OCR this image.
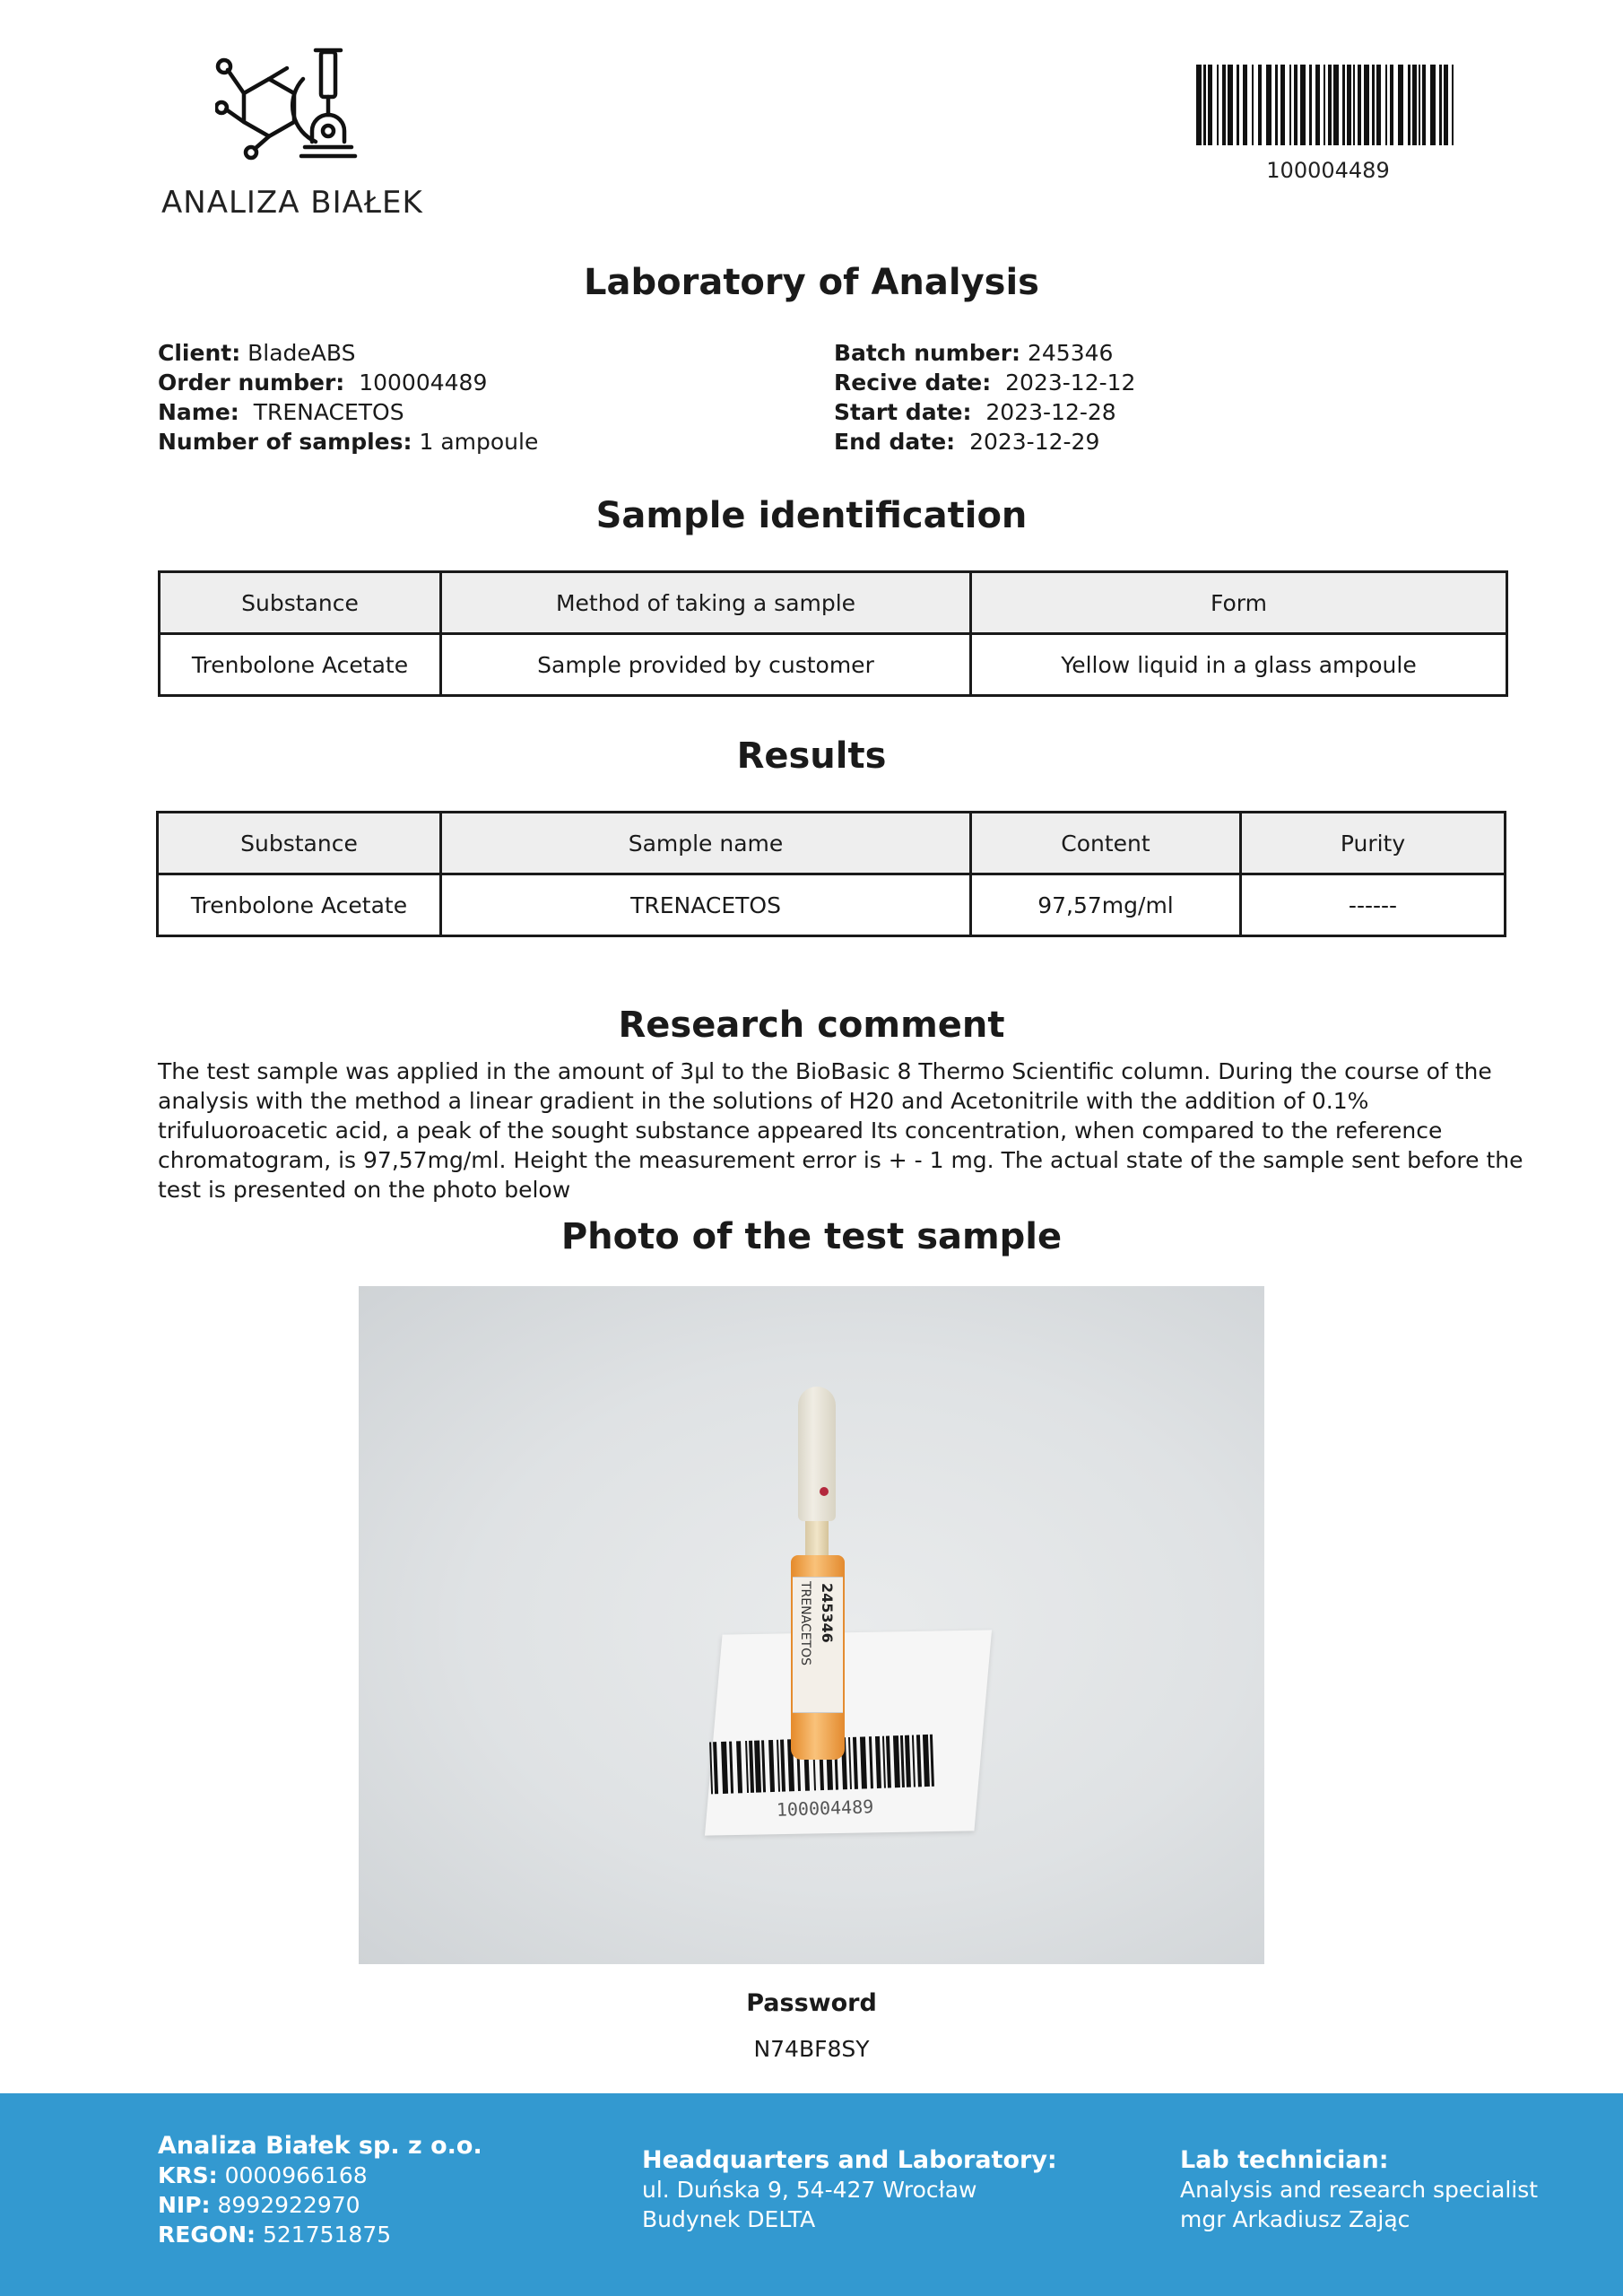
ANALIZA BIAŁEK
100004489
Laboratory of Analysis
Client: BladeABS
Order number: 100004489
Name: TRENACETOS
Number of samples: 1 ampoule
Batch number: 245346
Recive date: 2023-12-12
Start date: 2023-12-28
End date: 2023-12-29
Sample identification
Substance	Method of taking a sample	Form
Trenbolone Acetate	Sample provided by customer	Yellow liquid in a glass ampoule
Results
Substance	Sample name	Content	Purity
Trenbolone Acetate	TRENACETOS	97,57mg/ml	------
Research comment
The test sample was applied in the amount of 3µl to the BioBasic 8 Thermo Scientific column. During the course of the analysis with the method a linear gradient in the solutions of H20 and Acetonitrile with the addition of 0.1% trifuluoroacetic acid, a peak of the sought substance appeared Its concentration, when compared to the reference chromatogram, is 97,57mg/ml. Height the measurement error is + - 1 mg. The actual state of the sample sent before the test is presented on the photo below
Photo of the test sample
100004489
TRENACETOS 245346
Password
N74BF8SY
Analiza Białek sp. z o.o.
KRS: 0000966168
NIP: 8992922970
REGON: 521751875
Headquarters and Laboratory:
ul. Duńska 9, 54-427 Wrocław
Budynek DELTA
Lab technician:
Analysis and research specialist
mgr Arkadiusz Zając
